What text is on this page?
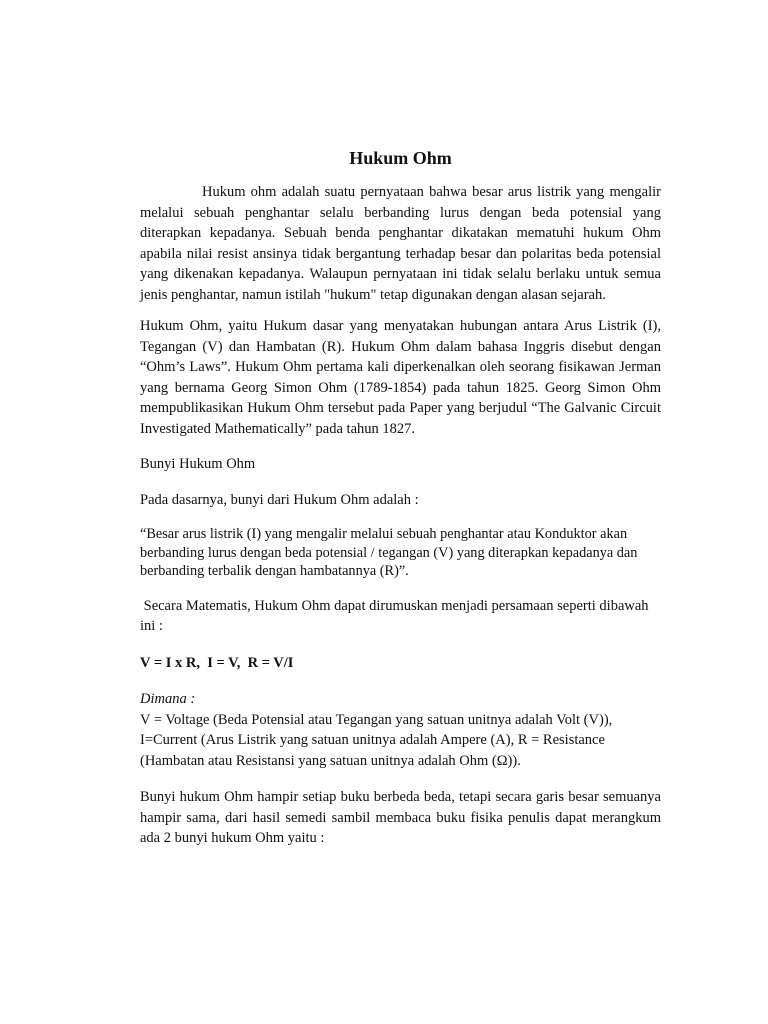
Hukum Ohm

Hukum ohm adalah suatu pernyataan bahwa besar arus listrik yang mengalir melalui sebuah penghantar selalu berbanding lurus dengan beda potensial yang diterapkan kepadanya. Sebuah benda penghantar dikatakan mematuhi hukum Ohm apabila nilai resist ansinya tidak bergantung terhadap besar dan polaritas beda potensial yang dikenakan kepadanya. Walaupun pernyataan ini tidak selalu berlaku untuk semua jenis penghantar, namun istilah "hukum" tetap digunakan dengan alasan sejarah.

Hukum Ohm, yaitu Hukum dasar yang menyatakan hubungan antara Arus Listrik (I), Tegangan (V) dan Hambatan (R). Hukum Ohm dalam bahasa Inggris disebut dengan “Ohm’s Laws”. Hukum Ohm pertama kali diperkenalkan oleh seorang fisikawan Jerman yang bernama Georg Simon Ohm (1789-1854) pada tahun 1825. Georg Simon Ohm mempublikasikan Hukum Ohm tersebut pada Paper yang berjudul “The Galvanic Circuit Investigated Mathematically” pada tahun 1827.

Bunyi Hukum Ohm

Pada dasarnya, bunyi dari Hukum Ohm adalah :

“Besar arus listrik (I) yang mengalir melalui sebuah penghantar atau Konduktor akan berbanding lurus dengan beda potensial / tegangan (V) yang diterapkan kepadanya dan berbanding terbalik dengan hambatannya (R)”.

Secara Matematis, Hukum Ohm dapat dirumuskan menjadi persamaan seperti dibawah ini :

V = I x R,  I = V,  R = V/I

Dimana :

V = Voltage (Beda Potensial atau Tegangan yang satuan unitnya adalah Volt (V)),

I=Current (Arus Listrik yang satuan unitnya adalah Ampere (A), R = Resistance

(Hambatan atau Resistansi yang satuan unitnya adalah Ohm (Ω)).

Bunyi hukum Ohm hampir setiap buku berbeda beda, tetapi secara garis besar semuanya hampir sama, dari hasil semedi sambil membaca buku fisika penulis dapat merangkum ada 2 bunyi hukum Ohm yaitu :
